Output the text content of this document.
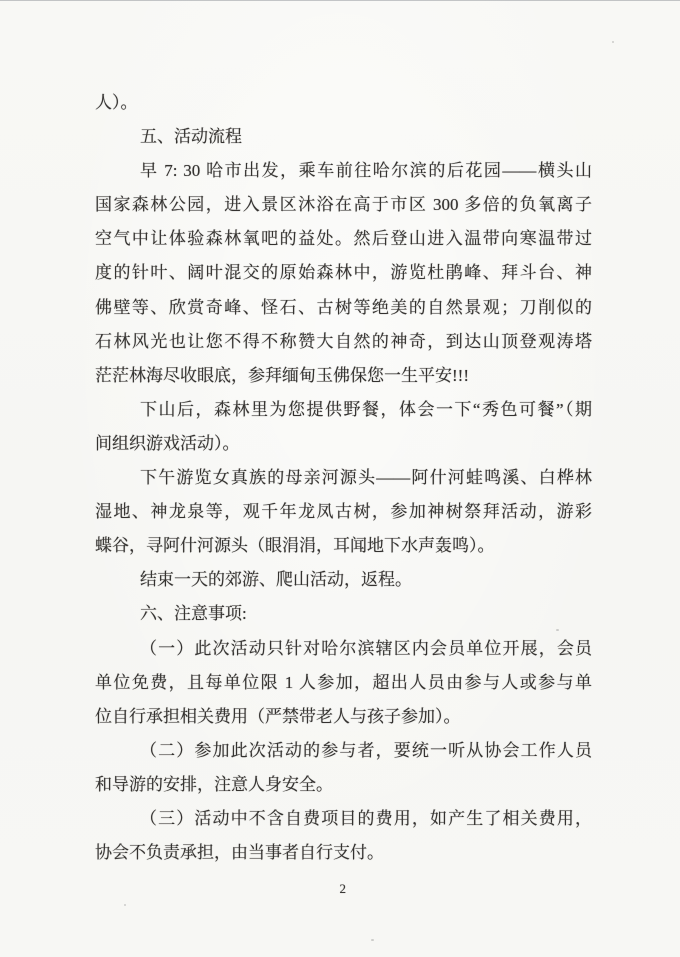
人）。
五、活动流程
早 7: 30 哈市出发，乘车前往哈尔滨的后花园——横头山
国家森林公园，进入景区沐浴在高于市区 300 多倍的负氧离子
空气中让体验森林氧吧的益处。然后登山进入温带向寒温带过
度的针叶、阔叶混交的原始森林中，游览杜鹃峰、拜斗台、神
佛壁等、欣赏奇峰、怪石、古树等绝美的自然景观；刀削似的
石林风光也让您不得不称赞大自然的神奇，到达山顶登观涛塔
茫茫林海尽收眼底，参拜缅甸玉佛保您一生平安!!!
下山后，森林里为您提供野餐，体会一下“秀色可餐”（期
间组织游戏活动）。
下午游览女真族的母亲河源头——阿什河蛙鸣溪、白桦林
湿地、神龙泉等，观千年龙凤古树，参加神树祭拜活动，游彩
蝶谷，寻阿什河源头（眼涓涓，耳闻地下水声轰鸣）。
结束一天的郊游、爬山活动，返程。
六、注意事项:
（一）此次活动只针对哈尔滨辖区内会员单位开展，会员
单位免费，且每单位限 1 人参加，超出人员由参与人或参与单
位自行承担相关费用（严禁带老人与孩子参加）。
（二）参加此次活动的参与者，要统一听从协会工作人员
和导游的安排，注意人身安全。
（三）活动中不含自费项目的费用，如产生了相关费用，
协会不负责承担，由当事者自行支付。
2
